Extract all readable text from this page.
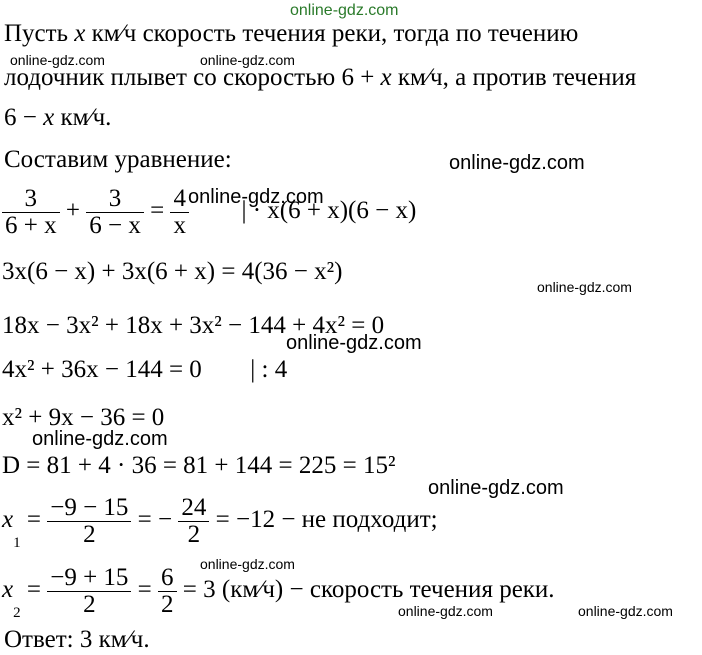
online-gdz.com
online-gdz.com	online-gdz.com
online-gdz.com
online-gdz.com
online-gdz.com
online-gdz.com
online-gdz.com
online-gdz.com
online-gdz.com
online-gdz.com	online-gdz.com
Пусть x км⁄ч скорость течения реки, тогда по течению
лодочник плывет со скоростью 6 + x км⁄ч, а против течения
6 − x км⁄ч.
Составим уравнение:
$\frac{3}{6 + x} + \frac{3}{6 - x} = \frac{4}{x}$ | · x(6 + x)(6 − x)
3x(6 − x) + 3x(6 + x) = 4(36 − x²)
18x − 3x² + 18x + 3x² − 144 + 4x² = 0
4x² + 36x − 144 = 0 | : 4
x² + 9x − 36 = 0
D = 81 + 4 · 36 = 81 + 144 = 225 = 15²
$x_1 = \frac{-9 - 15}{2}$ = − $\frac{24}{2} = -12$ − не подходит;
$x_2 = \frac{-9 + 15}{2} = \frac{6}{2} = 3$ (км⁄ч) − скорость течения реки.
Ответ: 3 км⁄ч.
